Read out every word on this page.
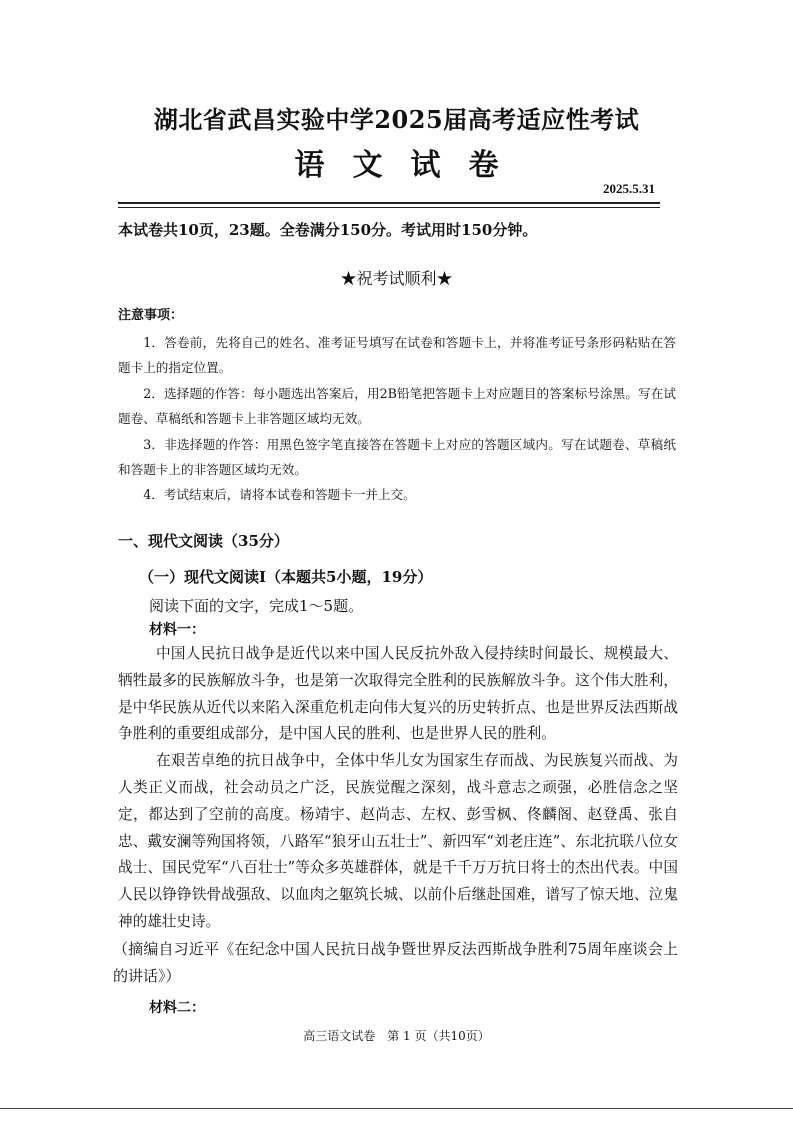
湖北省武昌实验中学2025届高考适应性考试
语文试卷
2025.5.31
本试卷共10页，23题。全卷满分150分。考试用时150分钟。
★祝考试顺利★
注意事项：

1．答卷前，先将自己的姓名、准考证号填写在试卷和答题卡上，并将准考证号条形码粘贴在答题卡上的指定位置。

2．选择题的作答：每小题选出答案后，用2B铅笔把答题卡上对应题目的答案标号涂黑。写在试题卷、草稿纸和答题卡上非答题区域均无效。

3．非选择题的作答：用黑色签字笔直接答在答题卡上对应的答题区域内。写在试题卷、草稿纸和答题卡上的非答题区域均无效。

4．考试结束后，请将本试卷和答题卡一并上交。

一、现代文阅读（35分）
（一）现代文阅读Ⅰ（本题共5小题，19分）
阅读下面的文字，完成1～5题。
材料一：

中国人民抗日战争是近代以来中国人民反抗外敌入侵持续时间最长、规模最大、牺牲最多的民族解放斗争，也是第一次取得完全胜利的民族解放斗争。这个伟大胜利，是中华民族从近代以来陷入深重危机走向伟大复兴的历史转折点、也是世界反法西斯战争胜利的重要组成部分，是中国人民的胜利、也是世界人民的胜利。

在艰苦卓绝的抗日战争中，全体中华儿女为国家生存而战、为民族复兴而战、为人类正义而战，社会动员之广泛，民族觉醒之深刻，战斗意志之顽强，必胜信念之坚定，都达到了空前的高度。杨靖宇、赵尚志、左权、彭雪枫、佟麟阁、赵登禹、张自忠、戴安澜等殉国将领，八路军“狼牙山五壮士”、新四军“刘老庄连”、东北抗联八位女战士、国民党军“八百壮士”等众多英雄群体，就是千千万万抗日将士的杰出代表。中国人民以铮铮铁骨战强敌、以血肉之躯筑长城、以前仆后继赴国难，谱写了惊天地、泣鬼神的雄壮史诗。

（摘编自习近平《在纪念中国人民抗日战争暨世界反法西斯战争胜利75周年座谈会上的讲话》）

材料二：
高三语文试卷　第 1 页（共10页）
